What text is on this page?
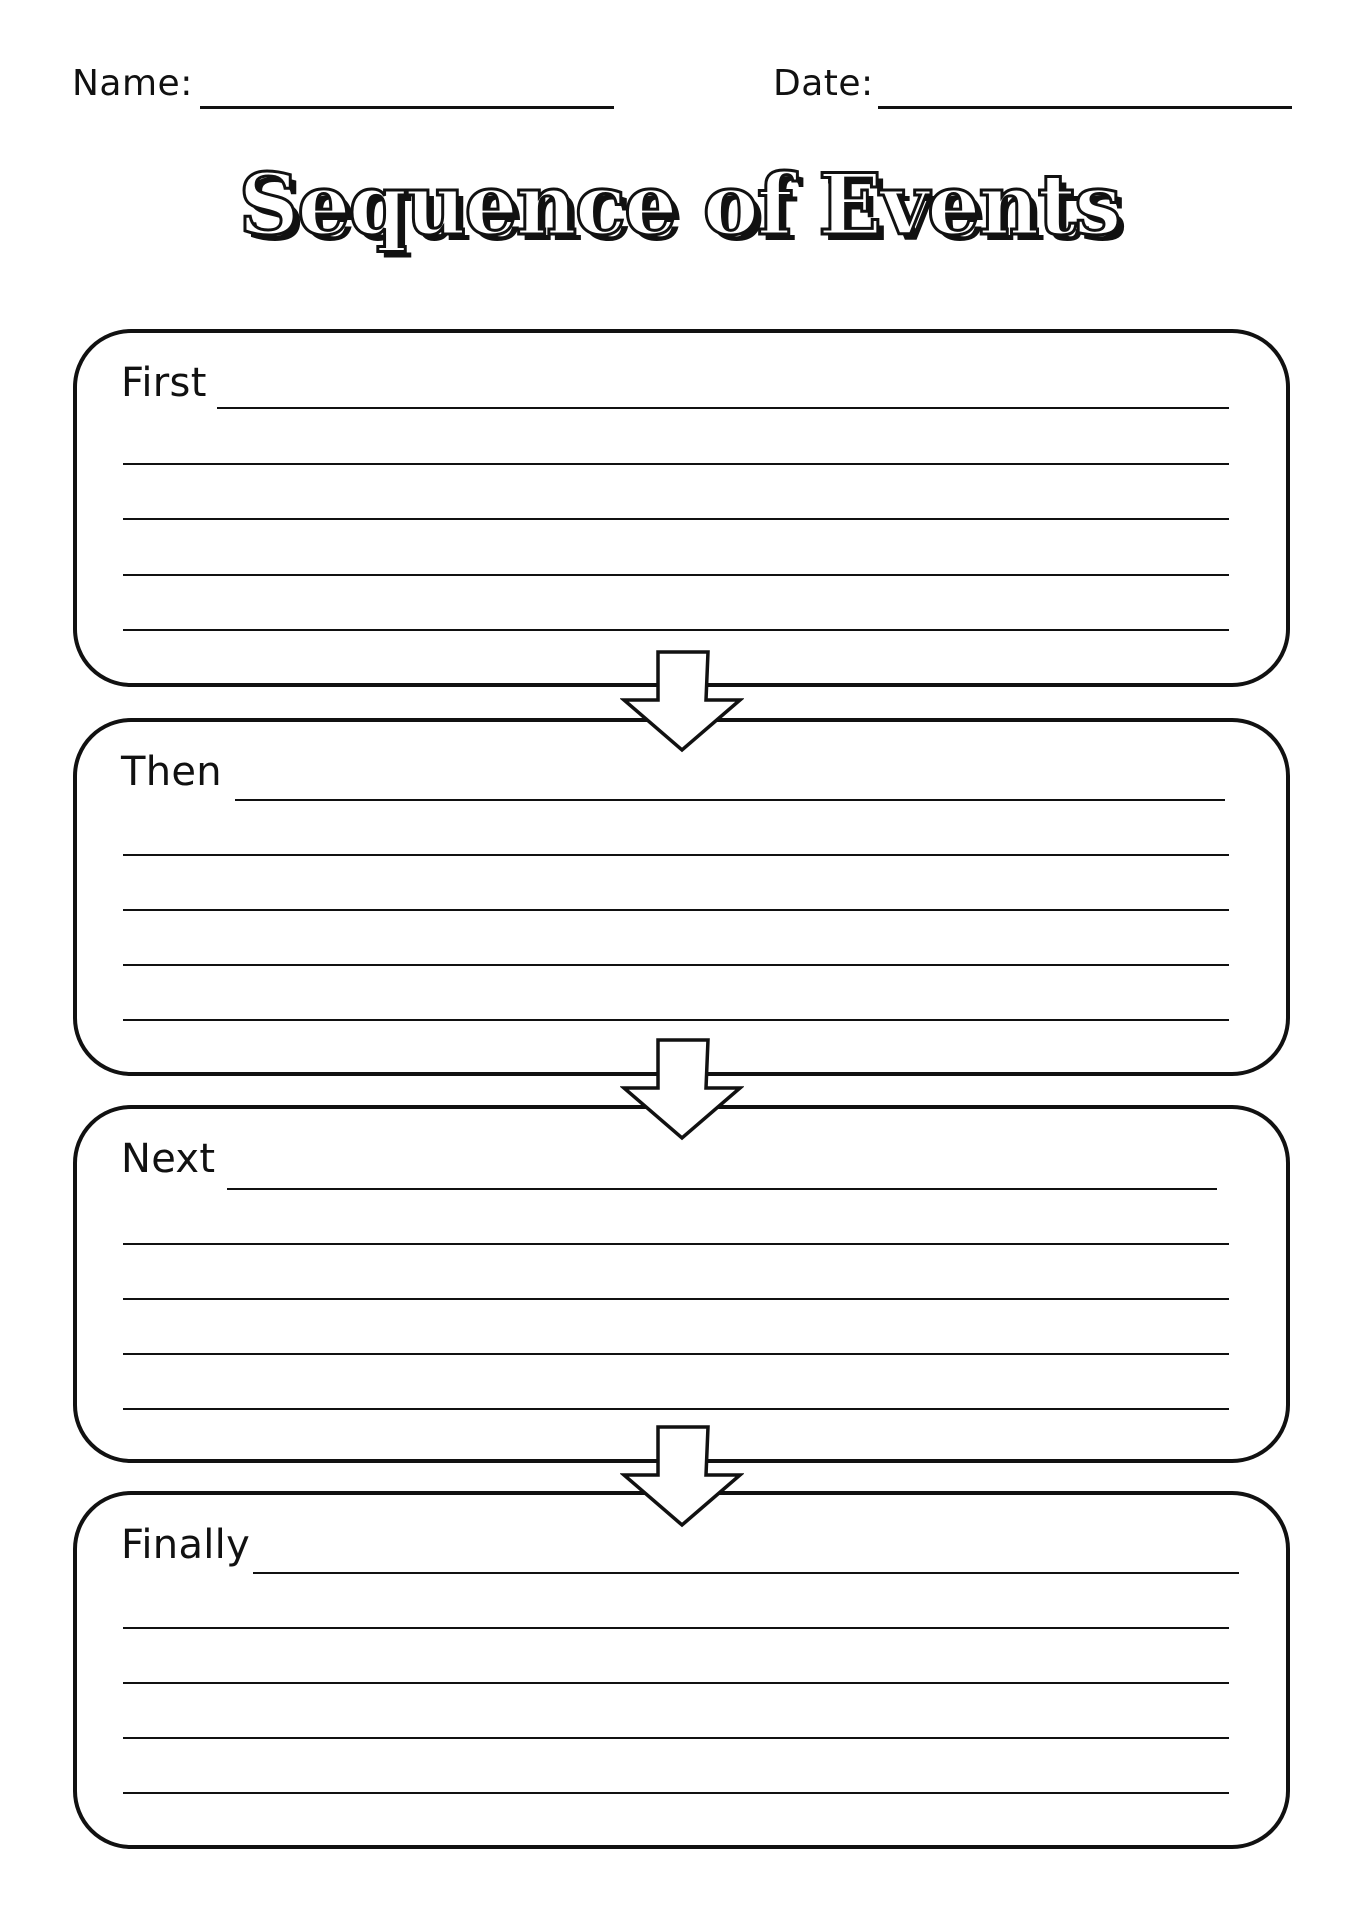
Name:	Date:
Sequence of Events
First
Then
Next
Finally
